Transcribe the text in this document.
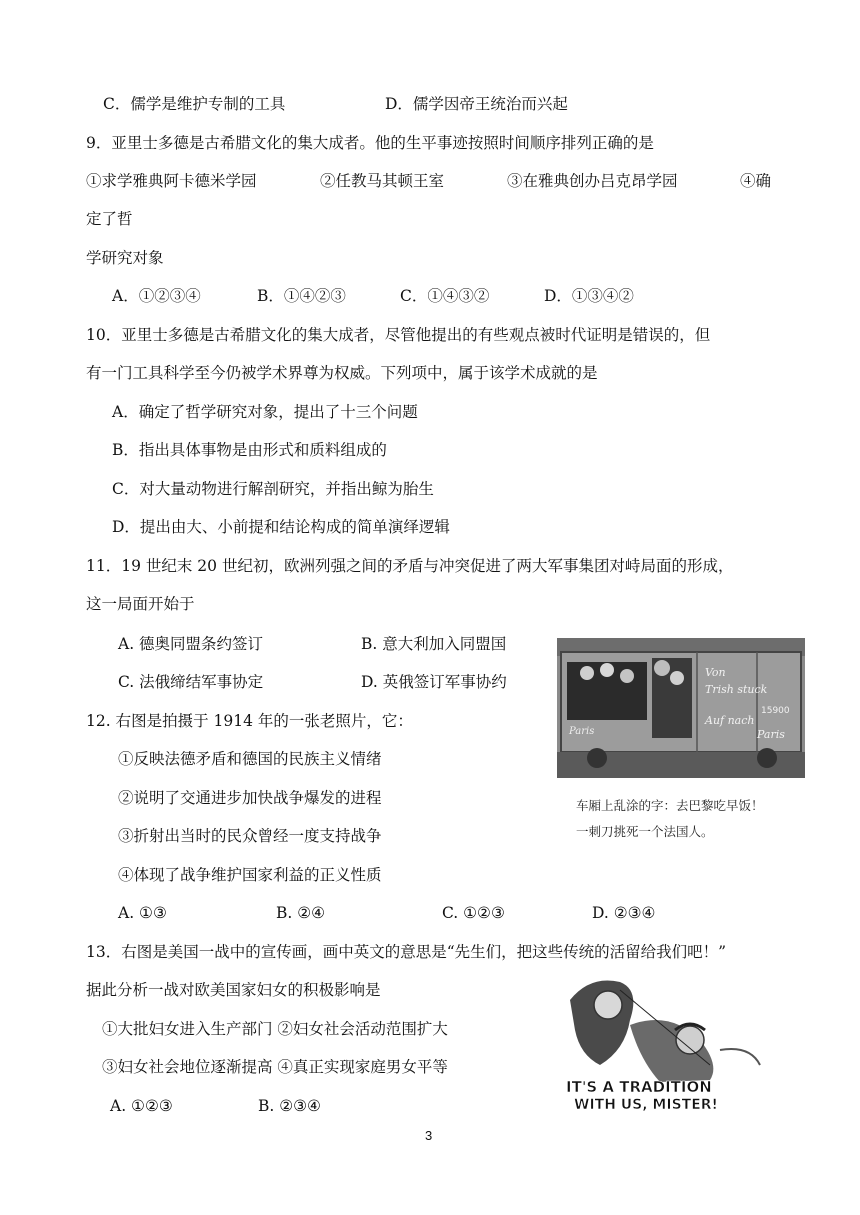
C．儒学是维护专制的工具	D．儒学因帝王统治而兴起
9．亚里士多德是古希腊文化的集大成者。他的生平事迹按照时间顺序排列正确的是
①求学雅典阿卡德米学园	②任教马其顿王室	③在雅典创办吕克昂学园	④确
定了哲
学研究对象
A．①②③④	B．①④②③	C．①④③②	D．①③④②
10．亚里士多德是古希腊文化的集大成者，尽管他提出的有些观点被时代证明是错误的，但
有一门工具科学至今仍被学术界尊为权威。下列项中，属于该学术成就的是
A．确定了哲学研究对象，提出了十三个问题
B．指出具体事物是由形式和质料组成的
C．对大量动物进行解剖研究，并指出鲸为胎生
D．提出由大、小前提和结论构成的简单演绎逻辑
11．19 世纪末 20 世纪初，欧洲列强之间的矛盾与冲突促进了两大军事集团对峙局面的形成，
这一局面开始于
A. 德奥同盟条约签订	B. 意大利加入同盟国
C. 法俄缔结军事协定	D. 英俄签订军事协约
Von
Trish stuck
Paris
15900
Auf nach
Paris
车厢上乱涂的字：去巴黎吃早饭！
一刺刀挑死一个法国人。
12. 右图是拍摄于 1914 年的一张老照片，它：
①反映法德矛盾和德国的民族主义情绪
②说明了交通进步加快战争爆发的进程
③折射出当时的民众曾经一度支持战争
④体现了战争维护国家利益的正义性质
A. ①③	B. ②④	C. ①②③	D. ②③④
13．右图是美国一战中的宣传画，画中英文的意思是“先生们，把这些传统的活留给我们吧！”
据此分析一战对欧美国家妇女的积极影响是
①大批妇女进入生产部门 ②妇女社会活动范围扩大
③妇女社会地位逐渐提高 ④真正实现家庭男女平等
A. ①②③	B. ②③④
IT'S A TRADITION
WITH US, MISTER!
3
